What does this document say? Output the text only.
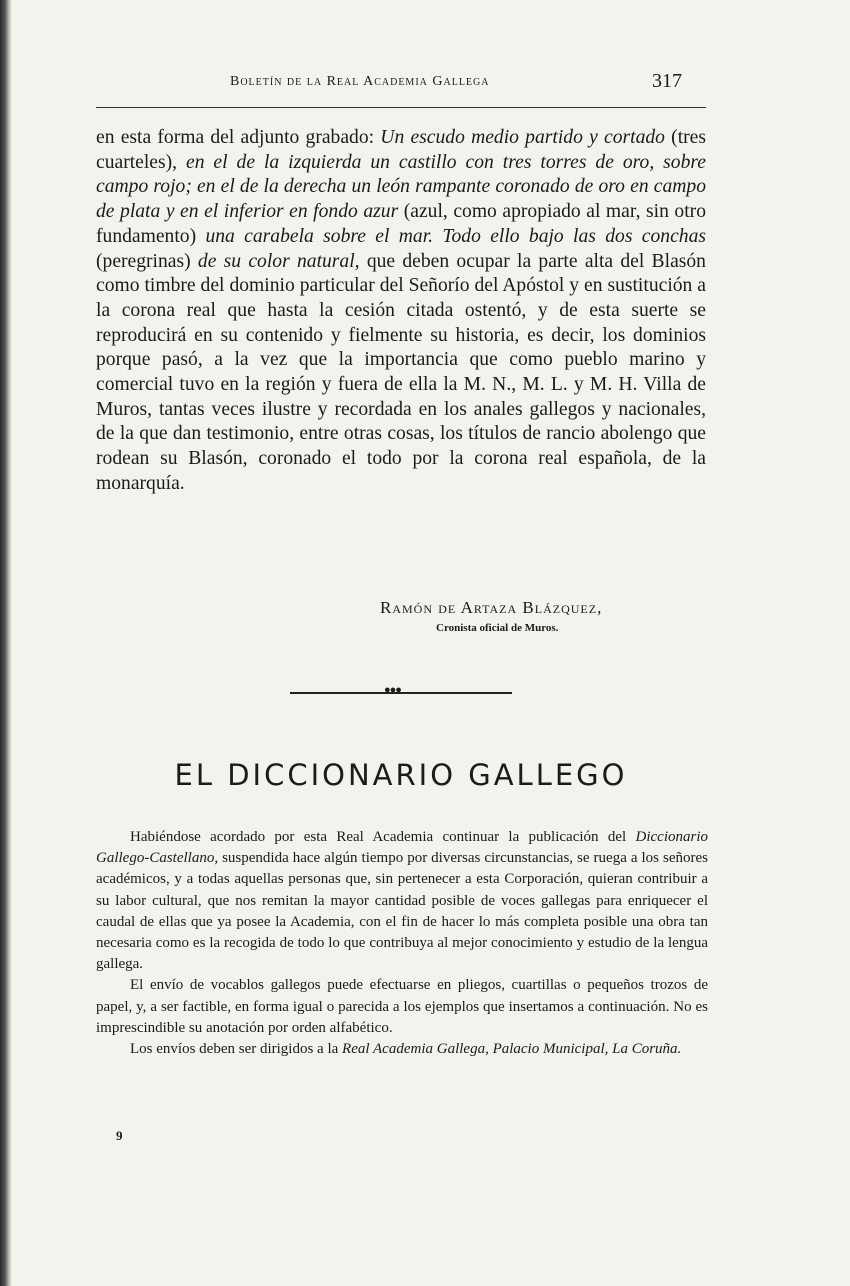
Boletín de la Real Academia Gallega	317

en esta forma del adjunto grabado: Un escudo medio partido y cortado (tres cuarteles), en el de la izquierda un castillo con tres torres de oro, sobre campo rojo; en el de la derecha un león rampante coronado de oro en campo de plata y en el inferior en fondo azur (azul, como apropiado al mar, sin otro fundamento) una carabela sobre el mar. Todo ello bajo las dos conchas (peregrinas) de su color natural, que deben ocupar la parte alta del Blasón como timbre del dominio particular del Señorío del Apóstol y en sustitución a la corona real que hasta la cesión citada ostentó, y de esta suerte se reproducirá en su contenido y fielmente su historia, es decir, los dominios porque pasó, a la vez que la importancia que como pueblo marino y comercial tuvo en la región y fuera de ella la M. N., M. L. y M. H. Villa de Muros, tantas veces ilustre y recordada en los anales gallegos y nacionales, de la que dan testimonio, entre otras cosas, los títulos de rancio abolengo que rodean su Blasón, coronado el todo por la corona real española, de la monarquía.

Ramón de Artaza Blázquez,
Cronista oficial de Muros.
●●●
EL DICCIONARIO GALLEGO

Habiéndose acordado por esta Real Academia continuar la publicación del Diccionario Gallego-Castellano, suspendida hace algún tiempo por diversas circunstancias, se ruega a los señores académicos, y a todas aquellas personas que, sin pertenecer a esta Corporación, quieran contribuir a su labor cultural, que nos remitan la mayor cantidad posible de voces gallegas para enriquecer el caudal de ellas que ya posee la Academia, con el fin de hacer lo más completa posible una obra tan necesaria como es la recogida de todo lo que contribuya al mejor conocimiento y estudio de la lengua gallega.

El envío de vocablos gallegos puede efectuarse en pliegos, cuartillas o pequeños trozos de papel, y, a ser factible, en forma igual o parecida a los ejemplos que insertamos a continuación. No es imprescindible su anotación por orden alfabético.

Los envíos deben ser dirigidos a la Real Academia Gallega, Palacio Municipal, La Coruña.

9
